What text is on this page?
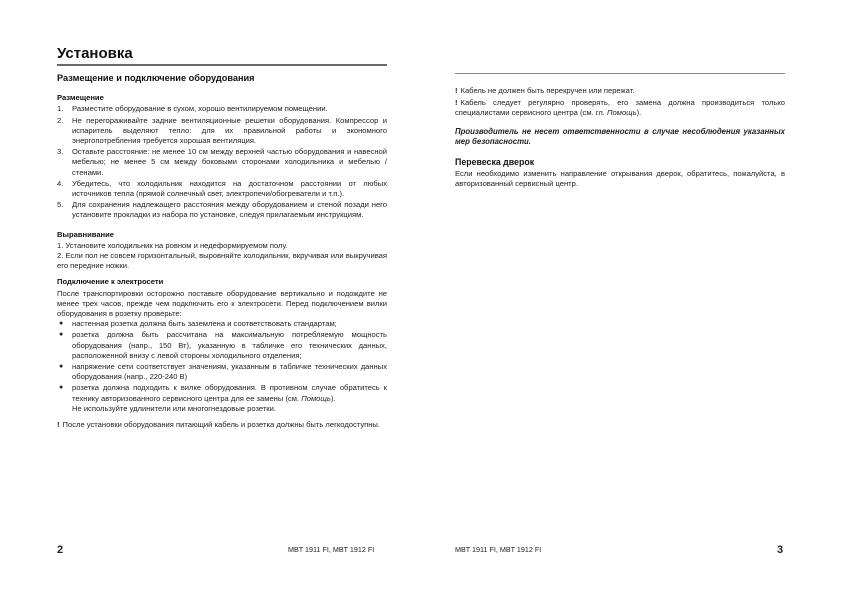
Установка
Размещение и подключение оборудования
Размещение
1. Разместите оборудование в сухом, хорошо вентилируемом помещении.
2. Не перегораживайте задние вентиляционные решетки оборудования. Компрессор и испаритель выделяют тепло: для их правильной работы и экономного энергопотребления требуется хорошая вентиляция.
3. Оставьте расстояние: не менее 10 см между верхней частью оборудования и навесной мебелью; не менее 5 см между боковыми сторонами холодильника и мебелью / стенами.
4. Убедитесь, что холодильник находится на достаточном расстоянии от любых источников тепла (прямой солнечный свет, электропечи/обогреватели и т.п.).
5. Для сохранения надлежащего расстояния между оборудованием и стеной позади него установите прокладки из набора по установке, следуя прилагаемым инструкциям.
Выравнивание

1. Установите холодильник на ровном и недеформируемом полу.

2. Если пол не совсем горизонтальный, выровняйте холодильник, вкручивая или выкручивая его передние ножки.

Подключение к электросети

После транспортировки осторожно поставьте оборудование вертикально и подождите не менее трех часов, прежде чем подключить его к электросети. Перед подключением вилки оборудования в розетку проверьте:

● настенная розетка должна быть заземлена и соответствовать стандартам;
● розетка должна быть рассчитана на максимальную потребляемую мощность оборудования (напр., 150 Вт), указанную в табличке его технических данных, расположенной внизу с левой стороны холодильного отделения;
● напряжение сети соответствует значениям, указанным в табличке технических данных оборудования (напр., 220-240 В)
● розетка должна подходить к вилке оборудования. В противном случае обратитесь к технику авторизованного сервисного центра для ее замены (см. Помощь).
Не используйте удлинители или многогнездовые розетки.

! После установки оборудования питающий кабель и розетка должны быть легкодоступны.

2	MBT 1911 FI, MBT 1912 FI

! Кабель не должен быть перекручен или пережат.

! Кабель следует регулярно проверять, его замена должна производиться только специалистами сервисного центра (см. гл. Помощь).

Производитель не несет ответственности в случае несоблюдения указанных мер безопасности.

Перевеска дверок

Если необходимо изменить направление открывания дверок, обратитесь, пожалуйста, в авторизованный сервисный центр.

MBT 1911 FI, MBT 1912 FI	3
